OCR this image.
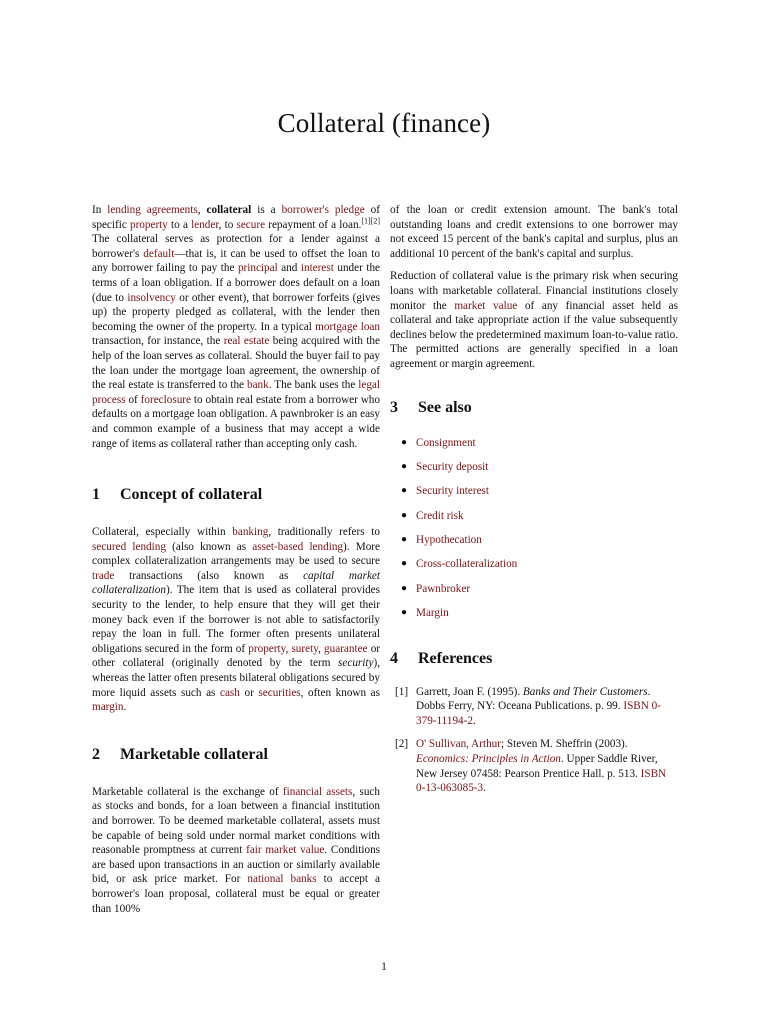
Collateral (finance)

In lending agreements, collateral is a borrower's pledge of specific property to a lender, to secure repayment of a loan.[1][2] The collateral serves as protection for a lender against a borrower's default—that is, it can be used to offset the loan to any borrower failing to pay the principal and interest under the terms of a loan obligation. If a borrower does default on a loan (due to insolvency or other event), that borrower forfeits (gives up) the property pledged as collateral, with the lender then becoming the owner of the property. In a typical mortgage loan transaction, for instance, the real estate being acquired with the help of the loan serves as collateral. Should the buyer fail to pay the loan under the mortgage loan agreement, the ownership of the real estate is transferred to the bank. The bank uses the legal process of foreclosure to obtain real estate from a borrower who defaults on a mortgage loan obligation. A pawnbroker is an easy and common example of a business that may accept a wide range of items as collateral rather than accepting only cash.

1 Concept of collateral

Collateral, especially within banking, traditionally refers to secured lending (also known as asset-based lending). More complex collateralization arrangements may be used to secure trade transactions (also known as capital market collateralization). The item that is used as collateral provides security to the lender, to help ensure that they will get their money back even if the borrower is not able to satisfactorily repay the loan in full. The former often presents unilateral obligations secured in the form of property, surety, guarantee or other collateral (originally denoted by the term security), whereas the latter often presents bilateral obligations secured by more liquid assets such as cash or securities, often known as margin.

2 Marketable collateral

Marketable collateral is the exchange of financial assets, such as stocks and bonds, for a loan between a financial institution and borrower. To be deemed marketable collateral, assets must be capable of being sold under normal market conditions with reasonable promptness at current fair market value. Conditions are based upon transactions in an auction or similarly available bid, or ask price market. For national banks to accept a borrower's loan proposal, collateral must be equal or greater than 100%

of the loan or credit extension amount. The bank's total outstanding loans and credit extensions to one borrower may not exceed 15 percent of the bank's capital and surplus, plus an additional 10 percent of the bank's capital and surplus.

Reduction of collateral value is the primary risk when securing loans with marketable collateral. Financial institutions closely monitor the market value of any financial asset held as collateral and take appropriate action if the value subsequently declines below the predetermined maximum loan-to-value ratio. The permitted actions are generally specified in a loan agreement or margin agreement.

3 See also
● Consignment
● Security deposit
● Security interest
● Credit risk
● Hypothecation
● Cross-collateralization
● Pawnbroker
● Margin
4 References
[1] Garrett, Joan F. (1995). Banks and Their Customers. Dobbs Ferry, NY: Oceana Publications. p. 99. ISBN 0-379-11194-2.
[2] O' Sullivan, Arthur; Steven M. Sheffrin (2003). Economics: Principles in Action. Upper Saddle River, New Jersey 07458: Pearson Prentice Hall. p. 513. ISBN 0-13-063085-3.
1
